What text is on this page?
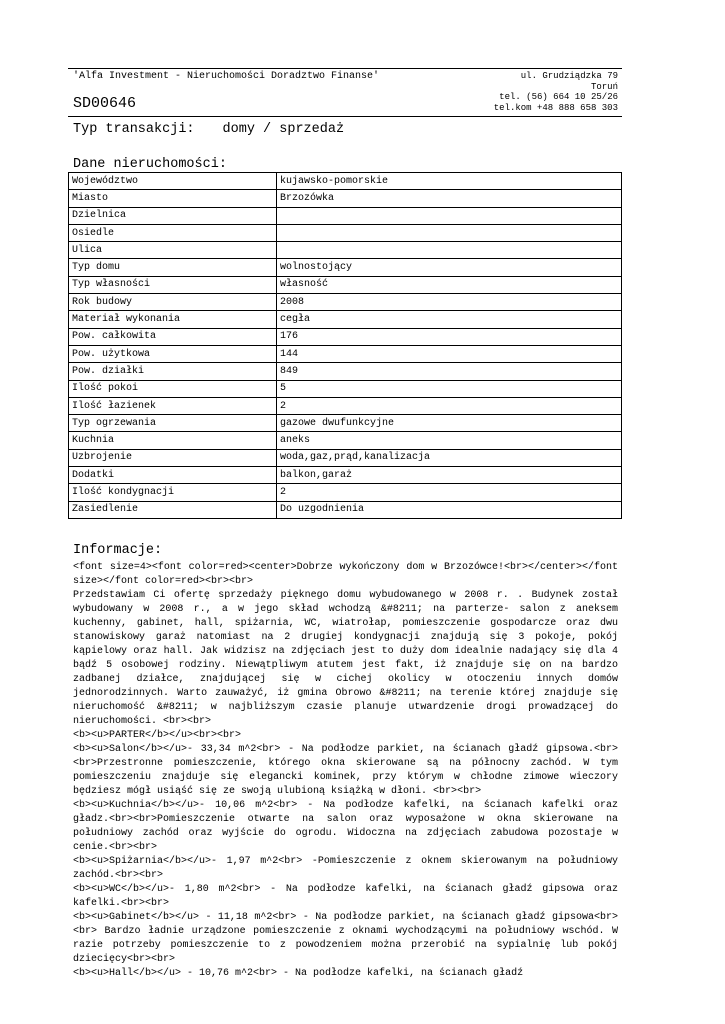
'Alfa Investment - Nieruchomości Doradztwo Finanse'
SD00646
ul. Grudziądzka 79
Toruń
tel. (56) 664 10 25/26
tel.kom +48 888 658 303
Typ transakcji: domy / sprzedaż
Dane nieruchomości:
Województwo	kujawsko-pomorskie
Miasto	Brzozówka
Dzielnica	
Osiedle	
Ulica	
Typ domu	wolnostojący
Typ własności	własność
Rok budowy	2008
Materiał wykonania	cegła
Pow. całkowita	176
Pow. użytkowa	144
Pow. działki	849
Ilość pokoi	5
Ilość łazienek	2
Typ ogrzewania	gazowe dwufunkcyjne
Kuchnia	aneks
Uzbrojenie	woda,gaz,prąd,kanalizacja
Dodatki	balkon,garaż
Ilość kondygnacji	2
Zasiedlenie	Do uzgodnienia
Informacje:

<font size=4><font color=red><center>Dobrze wykończony dom w Brzozówce!<br></center></font size></font color=red><br><br>

Przedstawiam Ci ofertę sprzedaży pięknego domu wybudowanego w 2008 r. . Budynek został wybudowany w 2008 r., a w jego skład wchodzą &#8211; na parterze- salon z aneksem kuchenny, gabinet, hall, spiżarnia, WC, wiatrołap, pomieszczenie gospodarcze oraz dwu stanowiskowy garaż natomiast na 2 drugiej kondygnacji znajdują się 3 pokoje, pokój kąpielowy oraz hall. Jak widzisz na zdjęciach jest to duży dom idealnie nadający się dla 4 bądź 5 osobowej rodziny. Niewątpliwym atutem jest fakt, iż znajduje się on na bardzo zadbanej działce, znajdującej się w cichej okolicy w otoczeniu innych domów jednorodzinnych. Warto zauważyć, iż gmina Obrowo &#8211; na terenie której znajduje się nieruchomość &#8211; w najbliższym czasie planuje utwardzenie drogi prowadzącej do nieruchomości. <br><br>

<b><u>PARTER</b></u><br><br>

<b><u>Salon</b></u>- 33,34 m^2<br> - Na podłodze parkiet, na ścianach gładź gipsowa.<br><br>Przestronne pomieszczenie, którego okna skierowane są na północny zachód. W tym pomieszczeniu znajduje się elegancki kominek, przy którym w chłodne zimowe wieczory będziesz mógł usiąść się ze swoją ulubioną książką w dłoni. <br><br>

<b><u>Kuchnia</b></u>- 10,06 m^2<br> - Na podłodze kafelki, na ścianach kafelki oraz gładz.<br><br>Pomieszczenie otwarte na salon oraz wyposażone w okna skierowane na południowy zachód oraz wyjście do ogrodu. Widoczna na zdjęciach zabudowa pozostaje w cenie.<br><br>

<b><u>Spiżarnia</b></u>- 1,97 m^2<br> -Pomieszczenie z oknem skierowanym na południowy zachód.<br><br>

<b><u>WC</b></u>- 1,80 m^2<br> - Na podłodze kafelki, na ścianach gładź gipsowa oraz kafelki.<br><br>

<b><u>Gabinet</b></u> - 11,18 m^2<br> - Na podłodze parkiet, na ścianach gładź gipsowa<br><br> Bardzo ładnie urządzone pomieszczenie z oknami wychodzącymi na południowy wschód. W razie potrzeby pomieszczenie to z powodzeniem można przerobić na sypialnię lub pokój dziecięcy<br><br>

<b><u>Hall</b></u> - 10,76 m^2<br> - Na podłodze kafelki, na ścianach gładź
